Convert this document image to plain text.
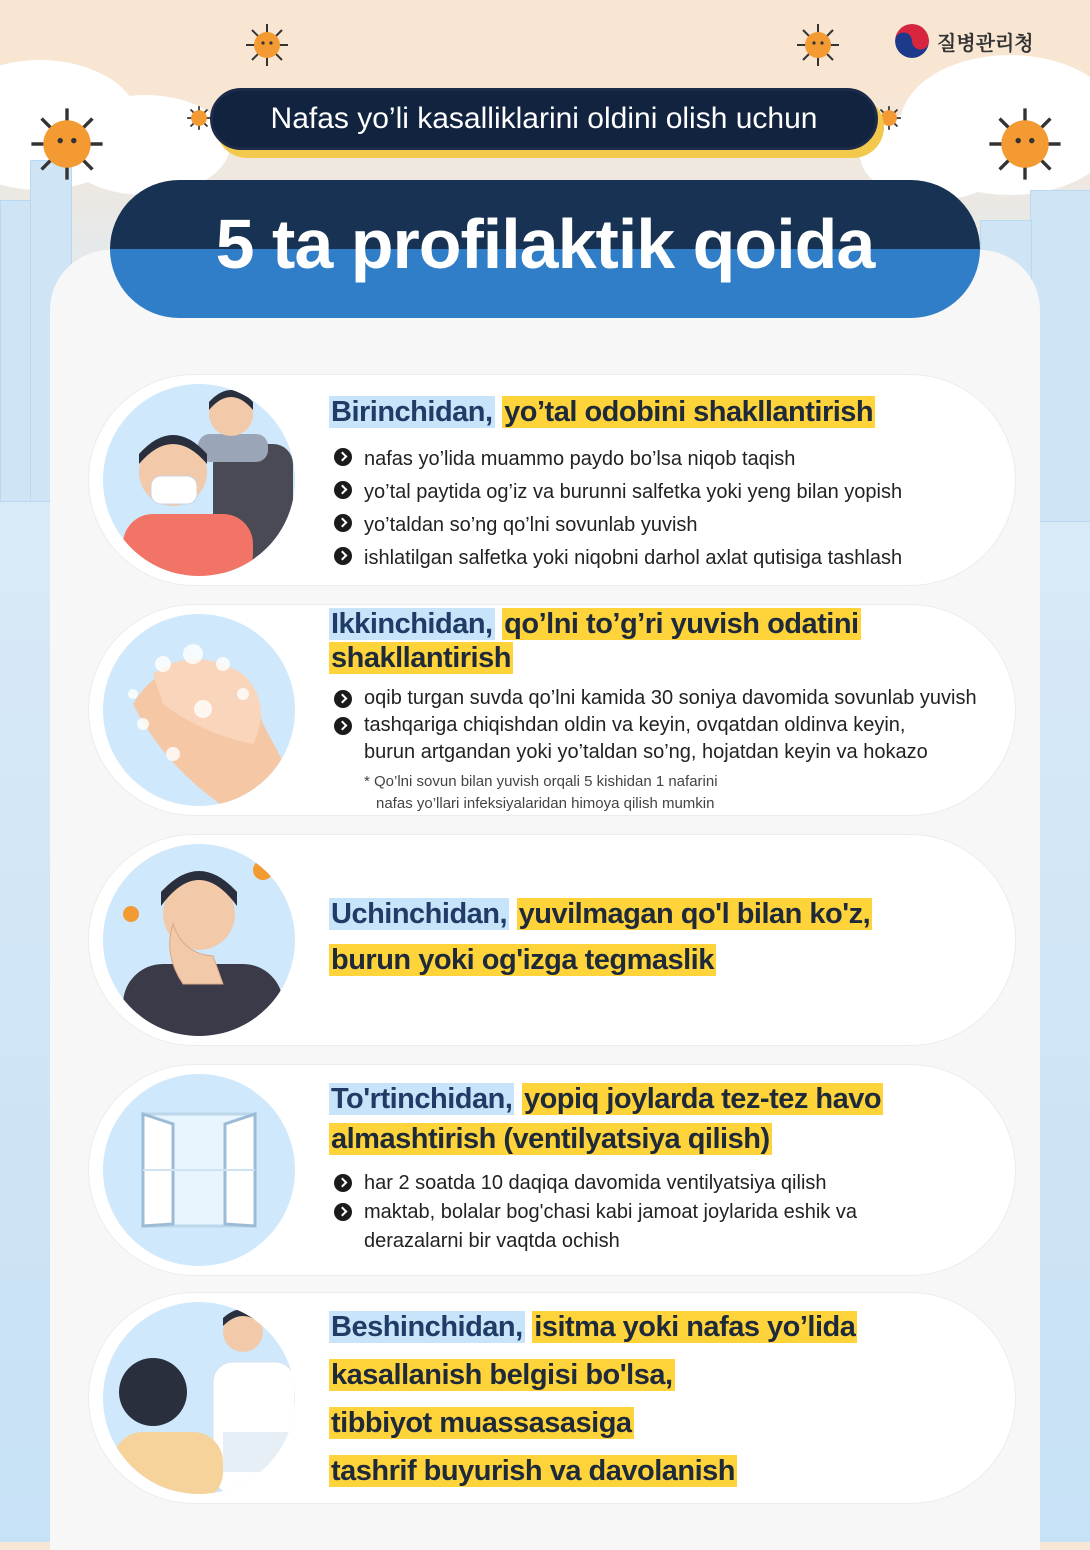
질병관리청
Nafas yo’li kasalliklarini oldini olish uchun
5 ta profilaktik qoida
Birinchidan, yo’tal odobini shakllantirish
nafas yo’lida muammo paydo bo’lsa niqob taqish
yo’tal paytida og’iz va burunni salfetka yoki yeng bilan yopish
yo’taldan so’ng qo’lni sovunlab yuvish
ishlatilgan salfetka yoki niqobni darhol axlat qutisiga tashlash
Ikkinchidan, qo’lni to’g’ri yuvish odatini
shakllantirish
oqib turgan suvda qo’lni kamida 30 soniya davomida sovunlab yuvish
tashqariga chiqishdan oldin va keyin, ovqatdan oldinva keyin,
burun artgandan yoki yo’taldan so’ng, hojatdan keyin va hokazo
* Qo’lni sovun bilan yuvish orqali 5 kishidan 1 nafarini
nafas yo’llari infeksiyalaridan himoya qilish mumkin
Uchinchidan, yuvilmagan qo'l bilan ko'z,
burun yoki og'izga tegmaslik
To'rtinchidan, yopiq joylarda tez-tez havo
almashtirish (ventilyatsiya qilish)
har 2 soatda 10 daqiqa davomida ventilyatsiya qilish
maktab, bolalar bog'chasi kabi jamoat joylarida eshik va
derazalarni bir vaqtda ochish
Beshinchidan, isitma yoki nafas yo’lida
kasallanish belgisi bo'lsa,
tibbiyot muassasasiga
tashrif buyurish va davolanish
